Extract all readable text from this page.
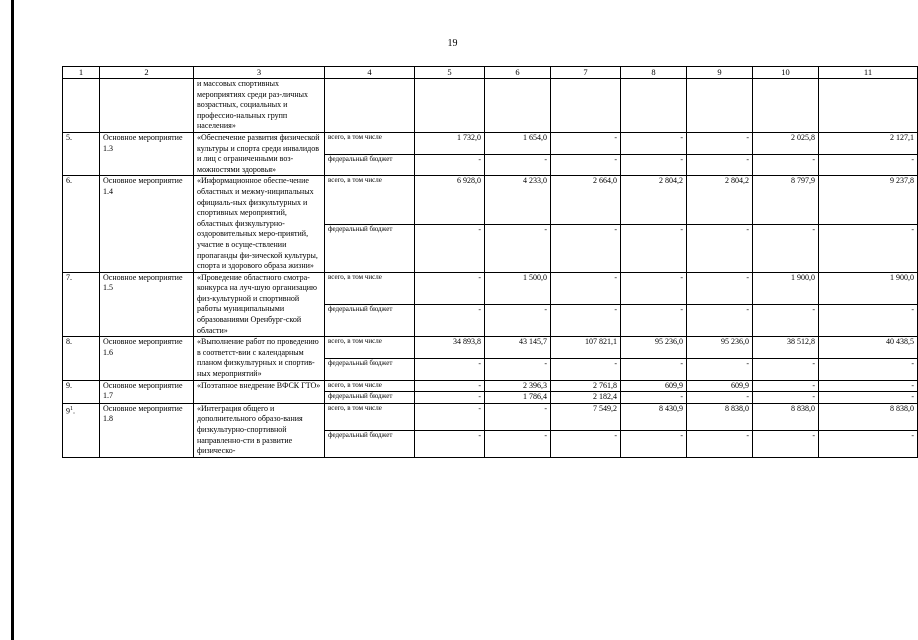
19
1	2	3	4	5	6	7	8	9	10	11
		и массовых спортивных мероприятиях среди раз-личных возрастных, социальных и профессио-нальных групп населения»								
5.	Основное мероприятие 1.3	«Обеспечение развития физической культуры и спорта среди инвалидов и лиц с ограниченными воз-можностями здоровья»	всего, в том числе	1 732,0	1 654,0	-	-	-	2 025,8	2 127,1
			федеральный бюджет	-	-	-	-	-	-	-
6.	Основное мероприятие 1.4	«Информационное обеспе-чение областных и межму-ниципальных официаль-ных физкультурных и спортивных мероприятий, областных физкультурно-оздоровительных меро-приятий, участие в осуще-ствлении пропаганды фи-зической культуры, спорта и здорового образа жизни»	всего, в том числе	6 928,0	4 233,0	2 664,0	2 804,2	2 804,2	8 797,9	9 237,8
			федеральный бюджет	-	-	-	-	-	-	-
7.	Основное мероприятие 1.5	«Проведение областного смотра-конкурса на луч-шую организацию физ-культурной и спортивной работы муниципальными образованиями Оренбург-ской области»	всего, в том числе	-	1 500,0	-	-	-	1 900,0	1 900,0
			федеральный бюджет	-	-	-	-	-	-	-
8.	Основное мероприятие 1.6	«Выполнение работ по проведению в соответст-вии с календарным планом физкультурных и спортив-ных мероприятий»	всего, в том числе	34 893,8	43 145,7	107 821,1	95 236,0	95 236,0	38 512,8	40 438,5
			федеральный бюджет	-	-	-	-	-	-	-
9.	Основное мероприятие 1.7	«Поэтапное внедрение ВФСК ГТО»	всего, в том числе	-	2 396,3	2 761,8	609,9	609,9	-	-
			федеральный бюджет	-	1 786,4	2 182,4	-	-	-	-
$9^1$.	Основное мероприятие 1.8	«Интеграция общего и дополнительного образо-вания физкультурно-спортивной направленно-сти в развитие физическо-	всего, в том числе	-	-	7 549,2	8 430,9	8 838,0	8 838,0	8 838,0
			федеральный бюджет	-	-	-	-	-	-	-
